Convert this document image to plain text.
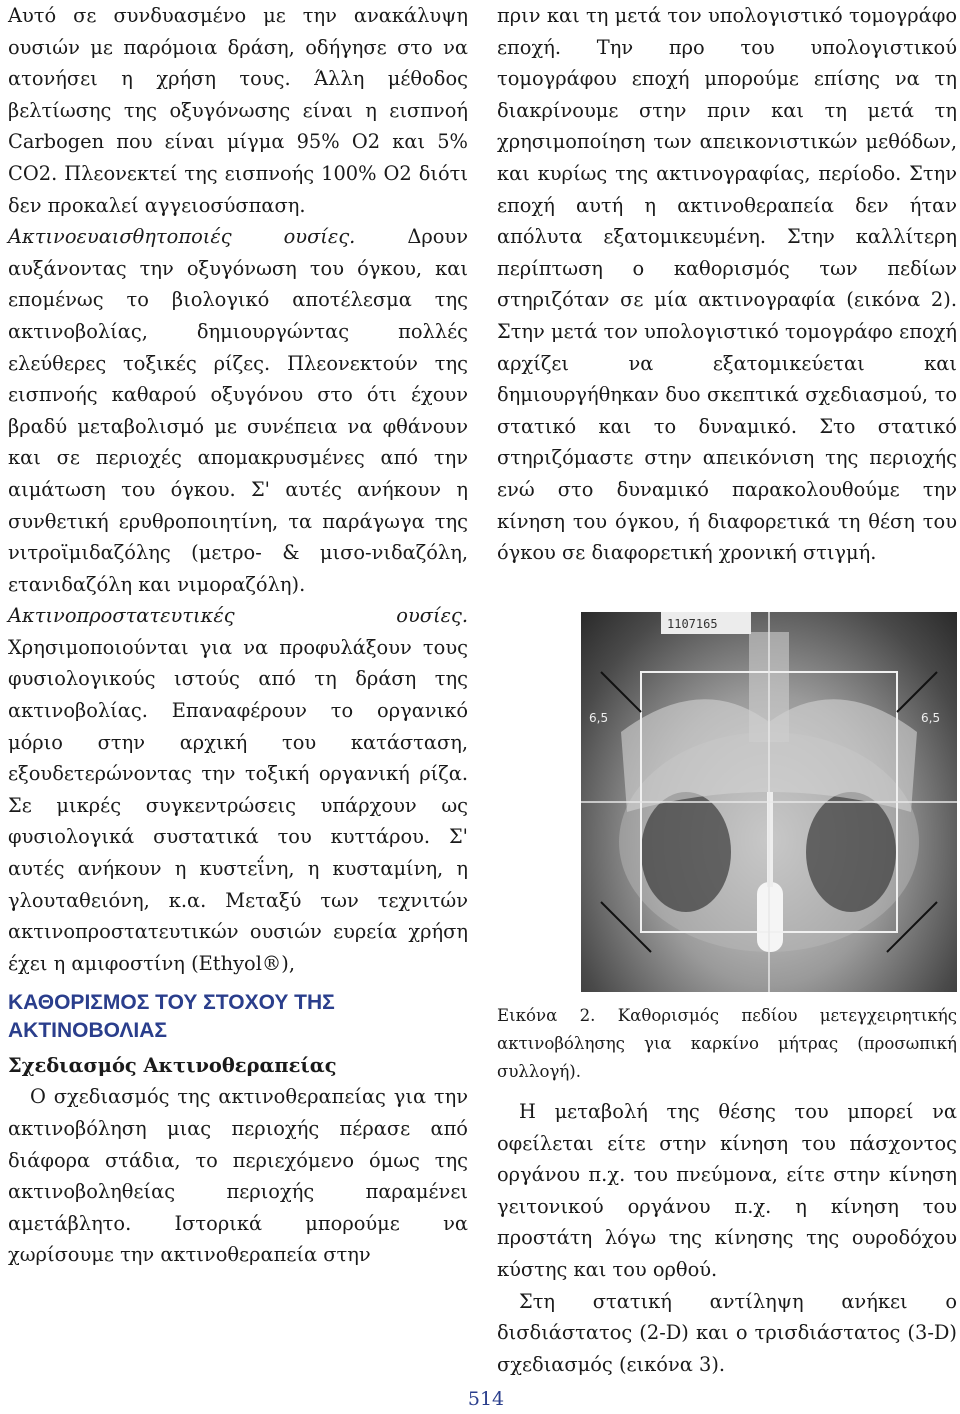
Αυτό σε συνδυασμένο με την ανακάλυψη ουσιών με παρόμοια δράση, οδήγησε στο να ατονήσει η χρήση τους. Άλλη μέθοδος βελτίωσης της οξυγόνωσης είναι η εισπνοή Carbogen που είναι μίγμα 95% O2 και 5% CO2. Πλεονεκτεί της εισπνοής 100% O2 διότι δεν προκαλεί αγγειοσύσπαση.

Ακτινοευαισθητοποιές ουσίες. Δρουν αυξάνοντας την οξυγόνωση του όγκου, και επομένως το βιολογικό αποτέλεσμα της ακτινοβολίας, δημιουργώντας πολλές ελεύθερες τοξικές ρίζες. Πλεονεκτούν της εισπνοής καθαρού οξυγόνου στο ότι έχουν βραδύ μεταβολισμό με συνέπεια να φθάνουν και σε περιοχές απομακρυσμένες από την αιμάτωση του όγκου. Σ' αυτές ανήκουν η συνθετική ερυθροποιητίνη, τα παράγωγα της νιτροϊμιδαζόλης (μετρο- & μισο-νιδαζόλη, ετανιδαζόλη και νιμοραζόλη).

Ακτινοπροστατευτικές ουσίες. Χρησιμοποιούνται για να προφυλάξουν τους φυσιολογικούς ιστούς από τη δράση της ακτινοβολίας. Επαναφέρουν το οργανικό μόριο στην αρχική του κατάσταση, εξουδετερώνοντας την τοξική οργανική ρίζα. Σε μικρές συγκεντρώσεις υπάρχουν ως φυσιολογικά συστατικά του κυττάρου. Σ' αυτές ανήκουν η κυστεΐνη, η κυσταμίνη, η γλουταθειόνη, κ.α. Μεταξύ των τεχνιτών ακτινοπροστατευτικών ουσιών ευρεία χρήση έχει η αμιφοστίνη (Ethyol®),

ΚΑΘΟΡΙΣΜΟΣ ΤΟΥ ΣΤΟΧΟΥ ΤΗΣ ΑΚΤΙΝΟΒΟΛΙΑΣ
Σχεδιασμός Ακτινοθεραπείας

Ο σχεδιασμός της ακτινοθεραπείας για την ακτινοβόληση μιας περιοχής πέρασε από διάφορα στάδια, το περιεχόμενο όμως της ακτινοβοληθείας περιοχής παραμένει αμετάβλητο. Ιστορικά μπορούμε να χωρίσουμε την ακτινοθεραπεία στην

πριν και τη μετά τον υπολογιστικό τομογράφο εποχή. Την προ του υπολογιστικού τομογράφου εποχή μπορούμε επίσης να τη διακρίνουμε στην πριν και τη μετά τη χρησιμοποίηση των απεικονιστικών μεθόδων, και κυρίως της ακτινογραφίας, περίοδο. Στην εποχή αυτή η ακτινοθεραπεία δεν ήταν απόλυτα εξατομικευμένη. Στην καλλίτερη περίπτωση ο καθορισμός των πεδίων στηριζόταν σε μία ακτινογραφία (εικόνα 2). Στην μετά τον υπολογιστικό τομογράφο εποχή αρχίζει να εξατομικεύεται και δημιουργήθηκαν δυο σκεπτικά σχεδιασμού, το στατικό και το δυναμικό. Στο στατικό στηριζόμαστε στην απεικόνιση της περιοχής ενώ στο δυναμικό παρακολουθούμε την κίνηση του όγκου, ή διαφορετικά τη θέση του όγκου σε διαφορετική χρονική στιγμή.

1107165
6,5	6,5

Εικόνα 2. Καθορισμός πεδίου μετεγχειρητικής ακτινοβόλησης για καρκίνο μήτρας (προσωπική συλλογή).

Η μεταβολή της θέσης του μπορεί να οφείλεται είτε στην κίνηση του πάσχοντος οργάνου π.χ. του πνεύμονα, είτε στην κίνηση γειτονικού οργάνου π.χ. η κίνηση του προστάτη λόγω της κίνησης της ουροδόχου κύστης και του ορθού.

Στη στατική αντίληψη ανήκει ο δισδιάστατος (2-D) και ο τρισδιάστατος (3-D) σχεδιασμός (εικόνα 3).

514
